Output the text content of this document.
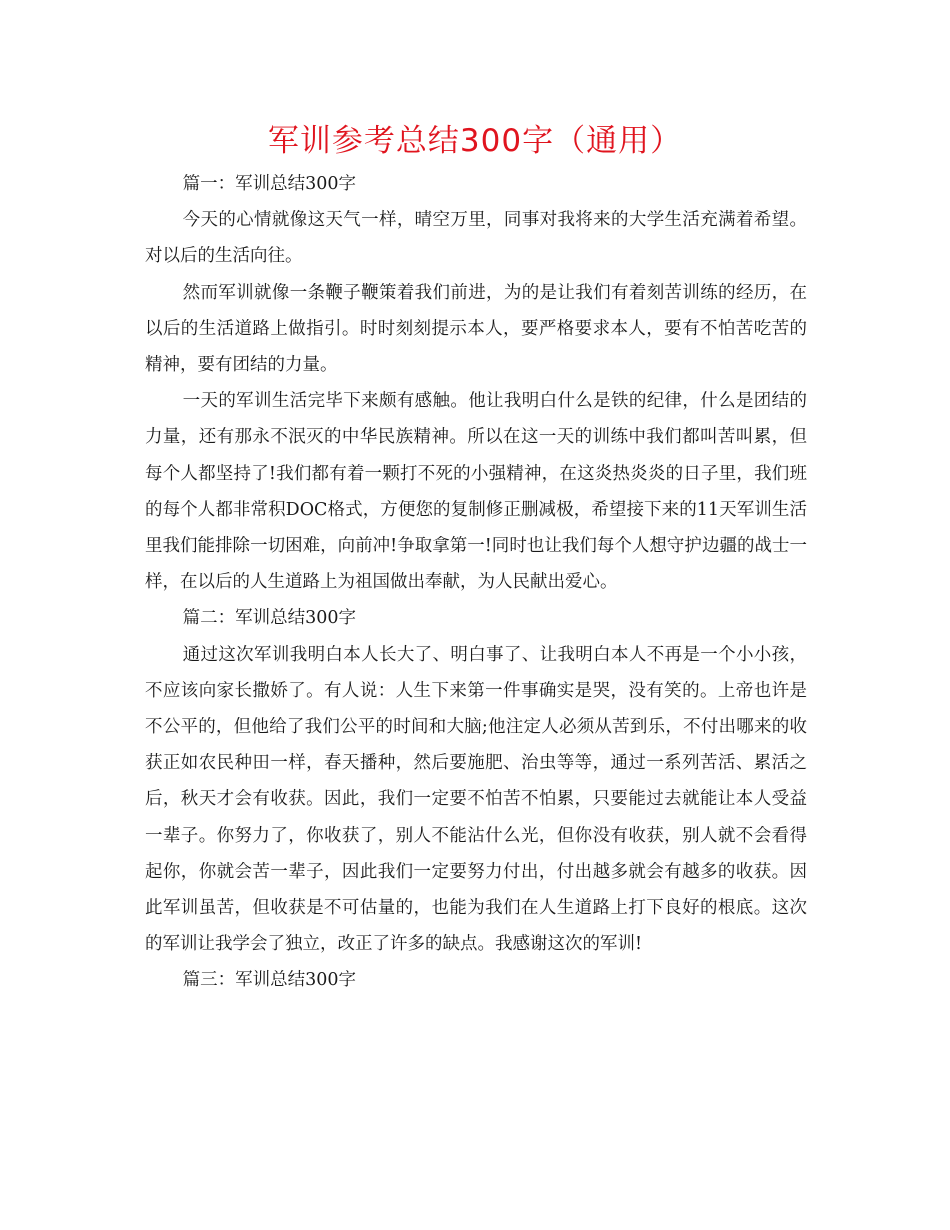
军训参考总结300字（通用）

篇一：军训总结300字

今天的心情就像这天气一样，晴空万里，同事对我将来的大学生活充满着希望。对以后的生活向往。

然而军训就像一条鞭子鞭策着我们前进，为的是让我们有着刻苦训练的经历，在以后的生活道路上做指引。时时刻刻提示本人，要严格要求本人，要有不怕苦吃苦的精神，要有团结的力量。

一天的军训生活完毕下来颇有感触。他让我明白什么是铁的纪律，什么是团结的力量，还有那永不泯灭的中华民族精神。所以在这一天的训练中我们都叫苦叫累，但每个人都坚持了!我们都有着一颗打不死的小强精神，在这炎热炎炎的日子里，我们班的每个人都非常积DOC格式，方便您的复制修正删减极，希望接下来的11天军训生活里我们能排除一切困难，向前冲!争取拿第一!同时也让我们每个人想守护边疆的战士一样，在以后的人生道路上为祖国做出奉献，为人民献出爱心。

篇二：军训总结300字

通过这次军训我明白本人长大了、明白事了、让我明白本人不再是一个小小孩，不应该向家长撒娇了。有人说：人生下来第一件事确实是哭，没有笑的。上帝也许是不公平的，但他给了我们公平的时间和大脑;他注定人必须从苦到乐，不付出哪来的收获正如农民种田一样，春天播种，然后要施肥、治虫等等，通过一系列苦活、累活之后，秋天才会有收获。因此，我们一定要不怕苦不怕累，只要能过去就能让本人受益一辈子。你努力了，你收获了，别人不能沾什么光，但你没有收获，别人就不会看得起你，你就会苦一辈子，因此我们一定要努力付出，付出越多就会有越多的收获。因此军训虽苦，但收获是不可估量的，也能为我们在人生道路上打下良好的根底。这次的军训让我学会了独立，改正了许多的缺点。我感谢这次的军训!

篇三：军训总结300字
